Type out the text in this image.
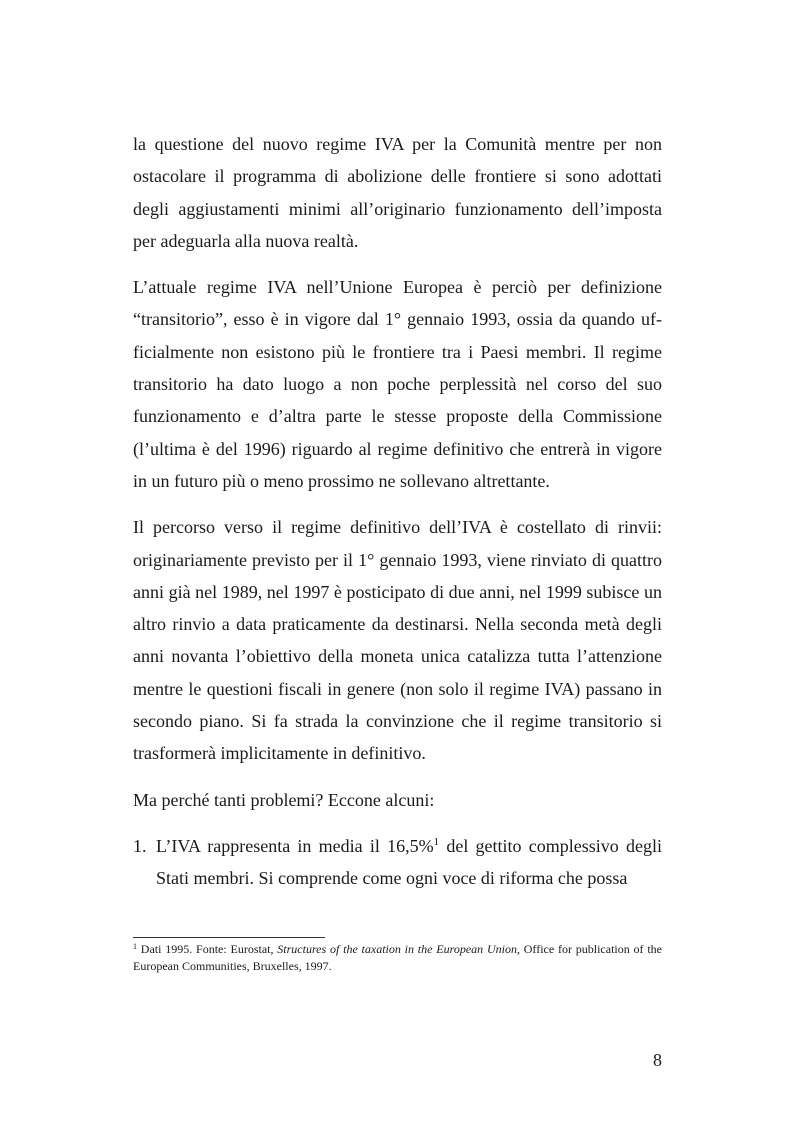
la questione del nuovo regime IVA per la Comunità mentre per non ostacolare il programma di abolizione delle frontiere si sono adottati degli aggiustamenti minimi all’originario funzionamento dell’imposta per adeguarla alla nuova realtà.

L’attuale regime IVA nell’Unione Europea è perciò per definizione “transitorio”, esso è in vigore dal 1° gennaio 1993, ossia da quando ufficialmente non esistono più le frontiere tra i Paesi membri. Il regime transitorio ha dato luogo a non poche perplessità nel corso del suo funzionamento e d’altra parte le stesse proposte della Commissione (l’ultima è del 1996) riguardo al regime definitivo che entrerà in vigore in un futuro più o meno prossimo ne sollevano altrettante.

Il percorso verso il regime definitivo dell’IVA è costellato di rinvii: originariamente previsto per il 1° gennaio 1993, viene rinviato di quattro anni già nel 1989, nel 1997 è posticipato di due anni, nel 1999 subisce un altro rinvio a data praticamente da destinarsi. Nella seconda metà degli anni novanta l’obiettivo della moneta unica catalizza tutta l’attenzione mentre le questioni fiscali in genere (non solo il regime IVA) passano in secondo piano. Si fa strada la convinzione che il regime transitorio si trasformerà implicitamente in definitivo.

Ma perché tanti problemi? Eccone alcuni:

1. L’IVA rappresenta in media il 16,5%$^1$ del gettito complessivo degli Stati membri. Si comprende come ogni voce di riforma che possa
$^1$ Dati 1995. Fonte: Eurostat, Structures of the taxation in the European Union, Office for publication of the European Communities, Bruxelles, 1997.
8
